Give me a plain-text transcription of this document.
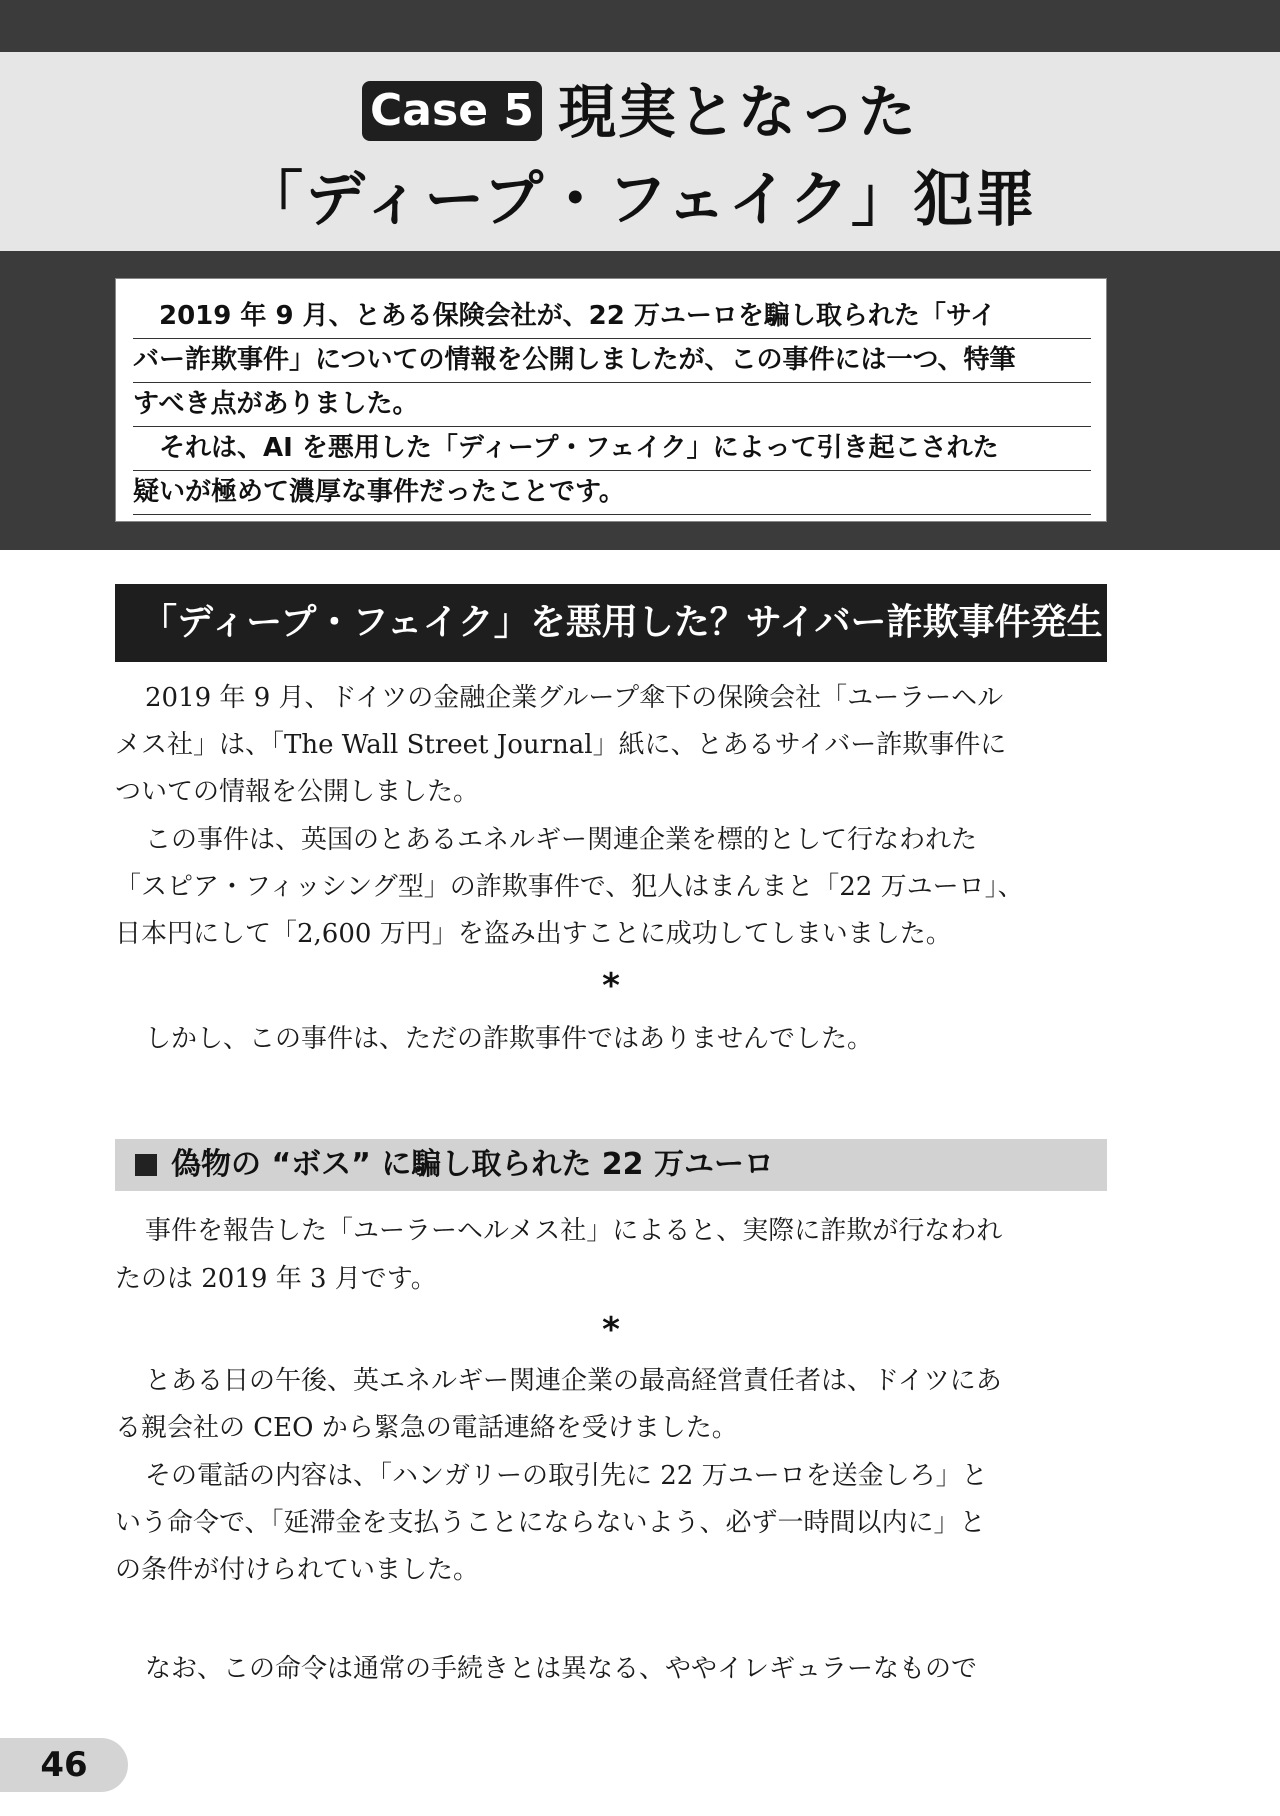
Case 5 現実となった
「ディープ・フェイク」犯罪
2019 年 9 月、とある保険会社が、22 万ユーロを騙し取られた「サイ
バー詐欺事件」についての情報を公開しましたが、この事件には一つ、特筆
すべき点がありました。
それは、AI を悪用した「ディープ・フェイク」によって引き起こされた
疑いが極めて濃厚な事件だったことです。
「ディープ・フェイク」を悪用した？サイバー詐欺事件発生
2019 年 9 月、ドイツの金融企業グループ傘下の保険会社「ユーラーヘル
メス社」は、「The Wall Street Journal」紙に、とあるサイバー詐欺事件に
ついての情報を公開しました。
この事件は、英国のとあるエネルギー関連企業を標的として行なわれた
「スピア・フィッシング型」の詐欺事件で、犯人はまんまと「22 万ユーロ」、
日本円にして「2,600 万円」を盗み出すことに成功してしまいました。
*
しかし、この事件は、ただの詐欺事件ではありませんでした。
偽物の “ボス” に騙し取られた 22 万ユーロ
事件を報告した「ユーラーヘルメス社」によると、実際に詐欺が行なわれ
たのは 2019 年 3 月です。
*
とある日の午後、英エネルギー関連企業の最高経営責任者は、ドイツにあ
る親会社の CEO から緊急の電話連絡を受けました。
その電話の内容は、「ハンガリーの取引先に 22 万ユーロを送金しろ」と
いう命令で、「延滞金を支払うことにならないよう、必ず一時間以内に」と
の条件が付けられていました。
なお、この命令は通常の手続きとは異なる、ややイレギュラーなもので
46
